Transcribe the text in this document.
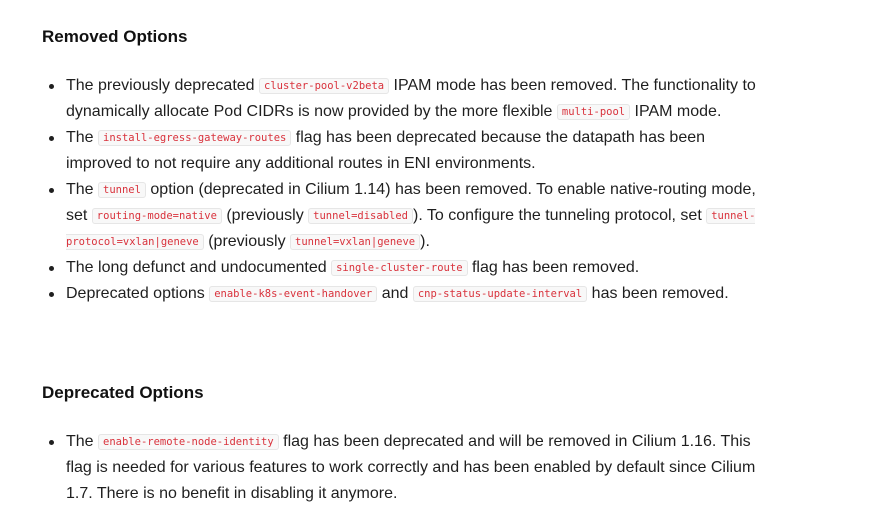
Removed Options
The previously deprecated cluster-pool-v2beta IPAM mode has been removed. The functionality to dynamically allocate Pod CIDRs is now provided by the more flexible multi-pool IPAM mode.
The install-egress-gateway-routes flag has been deprecated because the datapath has been improved to not require any additional routes in ENI environments.
The tunnel option (deprecated in Cilium 1.14) has been removed. To enable native-routing mode, set routing-mode=native (previously tunnel=disabled ). To configure the tunneling protocol, set tunnel-protocol=vxlan|geneve (previously tunnel=vxlan|geneve ).
The long defunct and undocumented single-cluster-route flag has been removed.
Deprecated options enable-k8s-event-handover and cnp-status-update-interval has been removed.
Deprecated Options
The enable-remote-node-identity flag has been deprecated and will be removed in Cilium 1.16. This flag is needed for various features to work correctly and has been enabled by default since Cilium 1.7. There is no benefit in disabling it anymore.
